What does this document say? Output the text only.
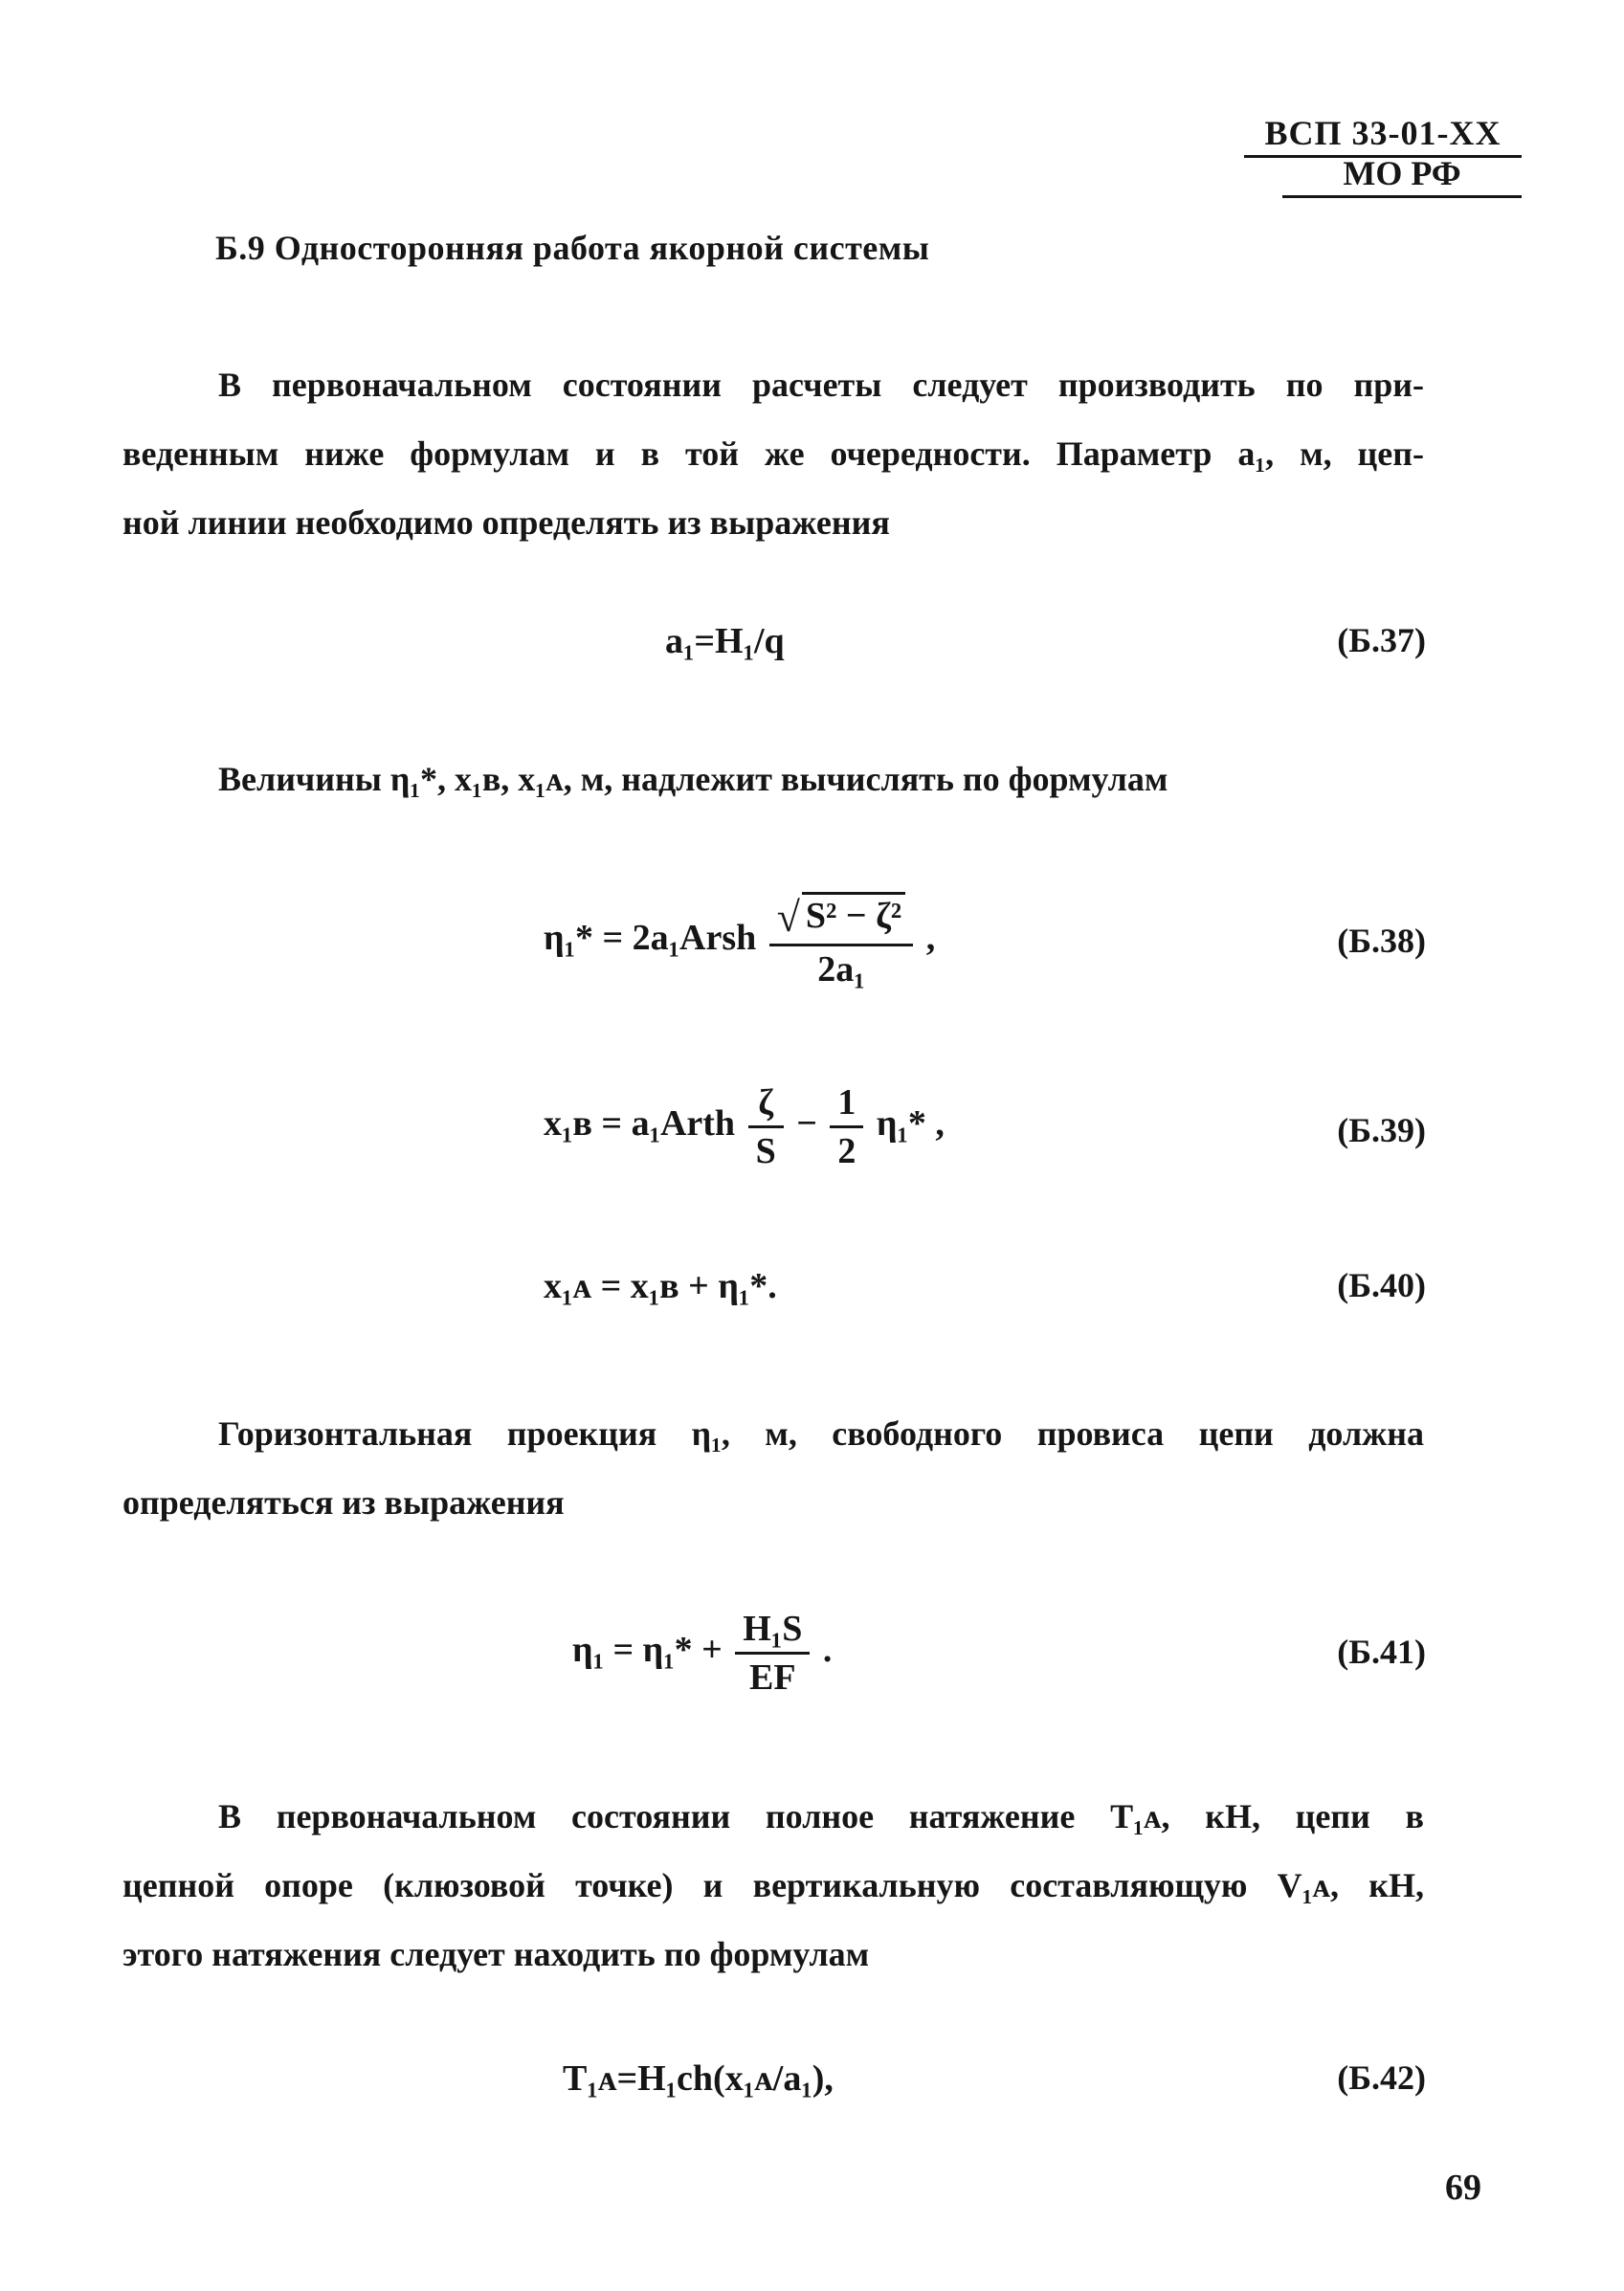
ВСП 33-01-ХХ
МО РФ
Б.9 Односторонняя работа якорной системы
В первоначальном состоянии расчеты следует производить по при-
веденным ниже формулам и в той же очередности. Параметр a₁, м, цеп-
ной линии необходимо определять из выражения
a₁=H₁/q	(Б.37)
Величины η₁*, x₁в, x₁ᴀ, м, надлежит вычислять по формулам
η₁* = 2a₁Arsh $\frac{\text{√ S² − ζ²}}{\text{2a₁}}$ ,	(Б.38)
x₁в = a₁Arth $\frac{\zeta}{S} - \frac{1}{2} \eta_1*$ ,	(Б.39)
x₁ᴀ = x₁в + η₁*.	(Б.40)
Горизонтальная проекция η₁, м, свободного провиса цепи должна
определяться из выражения
$\eta_1 = \eta_1* + \frac{\text{H₁S}}{EF}$ .	(Б.41)
В первоначальном состоянии полное натяжение T₁ᴀ, кН, цепи в
цепной опоре (клюзовой точке) и вертикальную составляющую V₁ᴀ, кН,
этого натяжения следует находить по формулам
T₁ᴀ=H₁ch(x₁ᴀ/a₁),	(Б.42)
69
